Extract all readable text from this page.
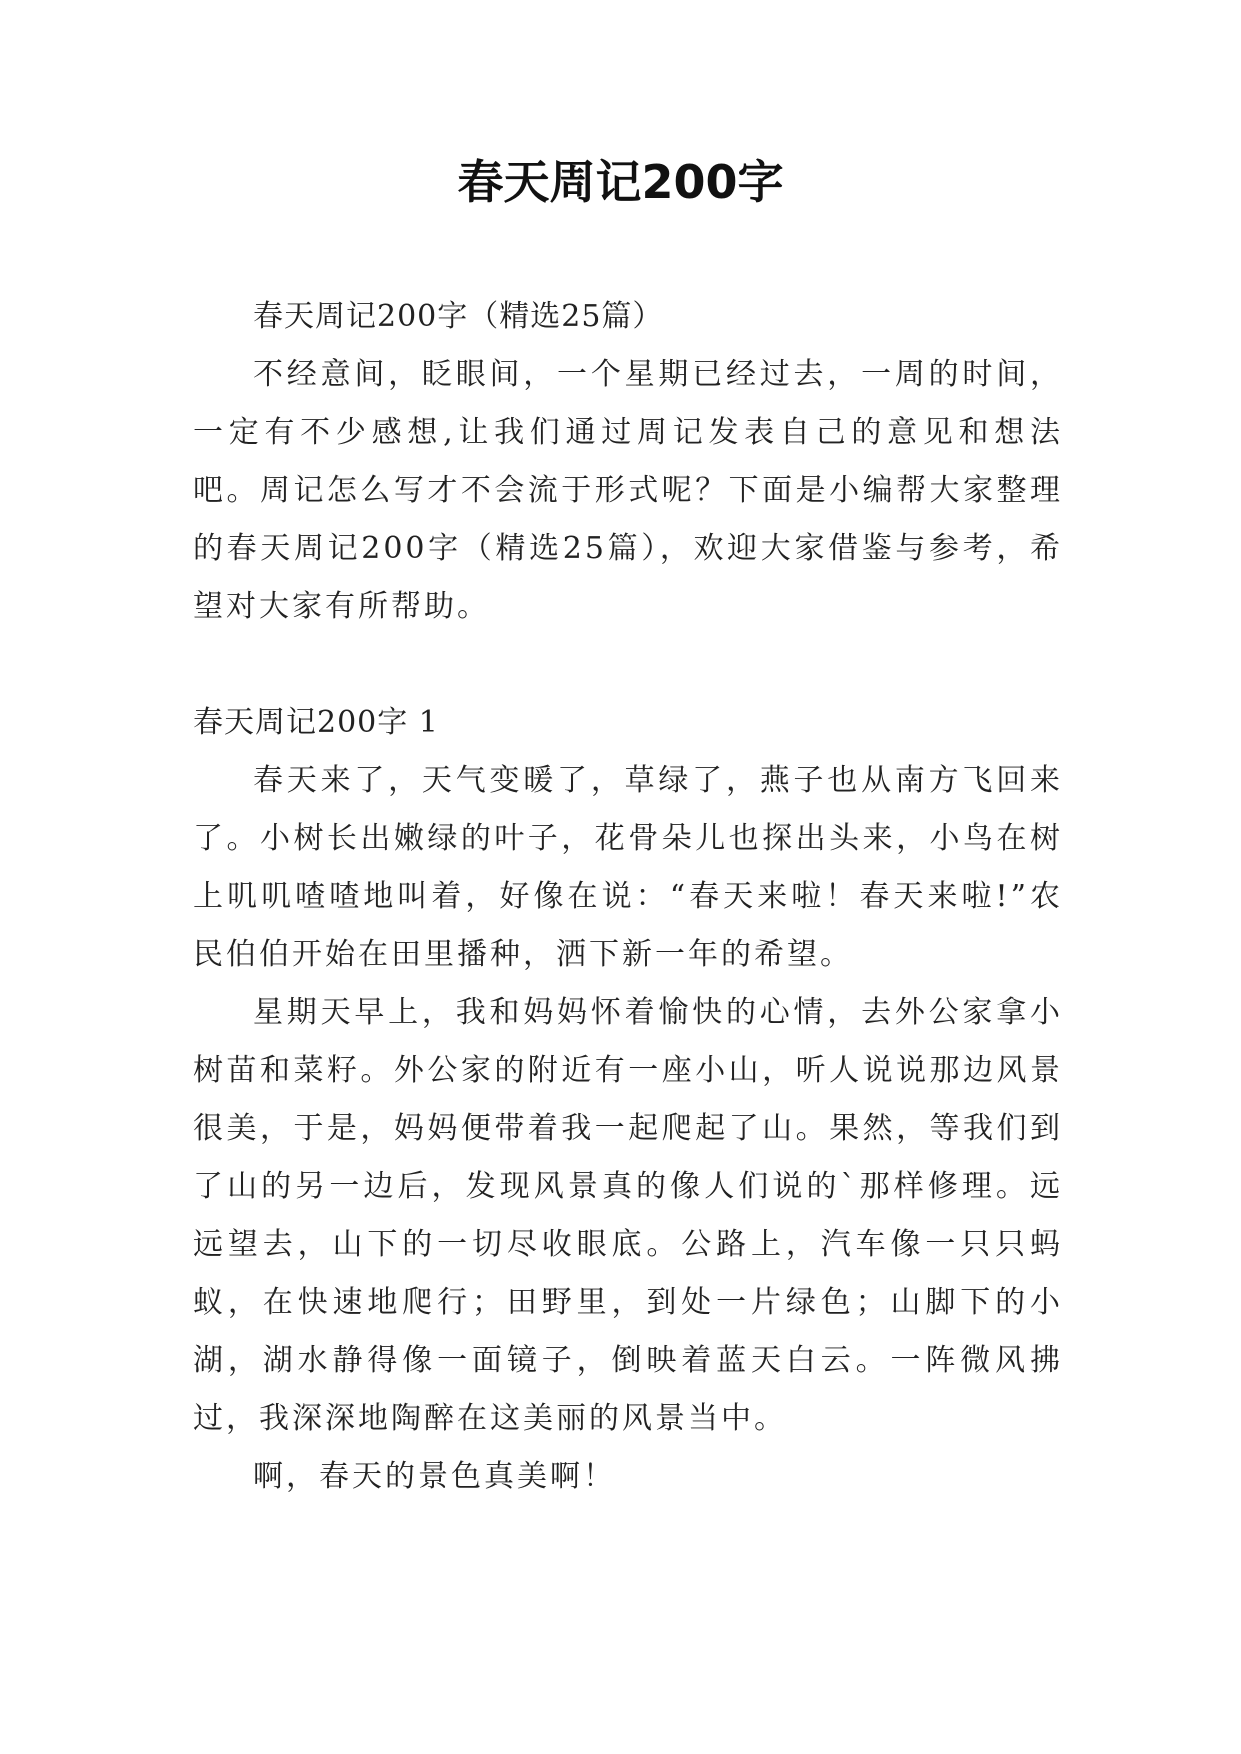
春天周记200字

春天周记200字（精选25篇）

不经意间，眨眼间，一个星期已经过去，一周的时间，一定有不少感想,让我们通过周记发表自己的意见和想法吧。周记怎么写才不会流于形式呢？下面是小编帮大家整理的春天周记200字（精选25篇），欢迎大家借鉴与参考，希望对大家有所帮助。

春天周记200字 1

春天来了，天气变暖了，草绿了，燕子也从南方飞回来了。小树长出嫩绿的叶子，花骨朵儿也探出头来，小鸟在树上叽叽喳喳地叫着，好像在说：“春天来啦！春天来啦!”农民伯伯开始在田里播种，洒下新一年的希望。

星期天早上，我和妈妈怀着愉快的心情，去外公家拿小树苗和菜籽。外公家的附近有一座小山，听人说说那边风景很美，于是，妈妈便带着我一起爬起了山。果然，等我们到了山的另一边后，发现风景真的像人们说的`那样修理。远远望去，山下的一切尽收眼底。公路上，汽车像一只只蚂蚁，在快速地爬行；田野里，到处一片绿色；山脚下的小湖，湖水静得像一面镜子，倒映着蓝天白云。一阵微风拂过，我深深地陶醉在这美丽的风景当中。

啊，春天的景色真美啊！
